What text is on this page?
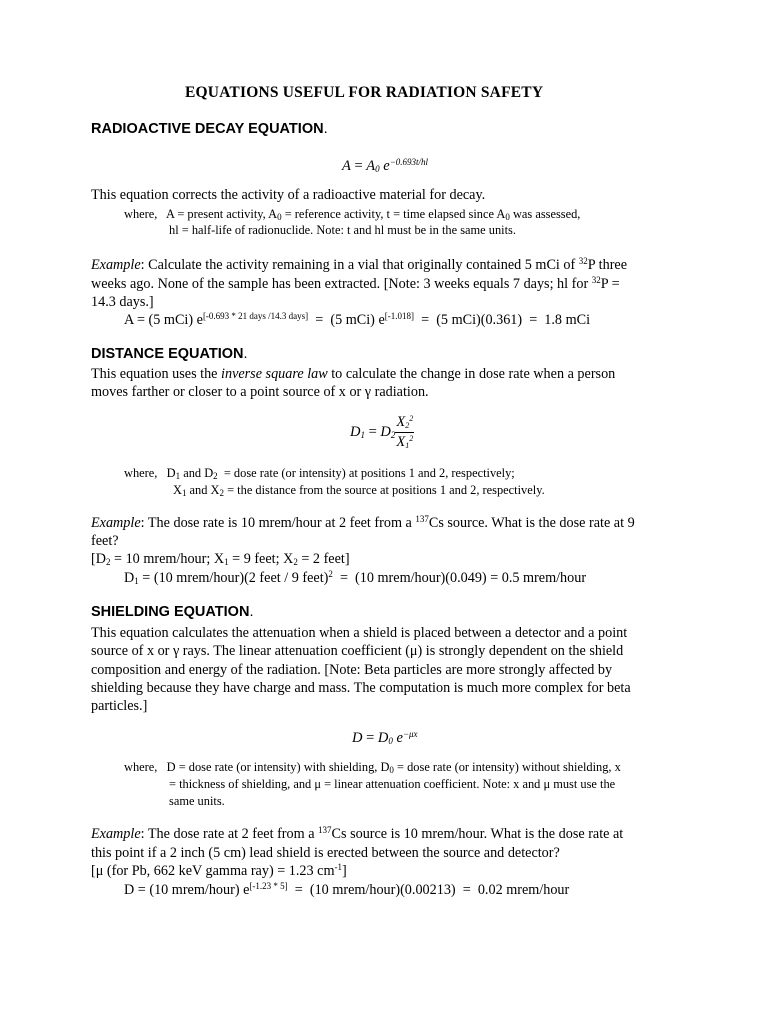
EQUATIONS USEFUL FOR RADIATION SAFETY
RADIOACTIVE DECAY EQUATION.
$A = A_0$ $e^{-0.693t/hl}$
This equation corrects the activity of a radioactive material for decay.
where,   A = present activity, $A_0$ = reference activity, t = time elapsed since $A_0$ was assessed,
hl = half-life of radionuclide. Note: t and hl must be in the same units.
Example: Calculate the activity remaining in a vial that originally contained 5 mCi of $^{32}$P three
weeks ago. None of the sample has been extracted. [Note: 3 weeks equals 7 days; hl for $^{32}$P =
14.3 days.]
A = (5 mCi) e[-0.693 * 21 days /14.3 days]  =  (5 mCi) e[-1.018]  =  (5 mCi)(0.361)  =  1.8 mCi
DISTANCE EQUATION.
This equation uses the inverse square law to calculate the change in dose rate when a person
moves farther or closer to a point source of x or γ radiation.
$D_1 = D_2 \frac{X_2^2}{X_1^2}$
where,   $D_1$ and $D_2$  = dose rate (or intensity) at positions 1 and 2, respectively;
$X_1$ and $X_2$ = the distance from the source at positions 1 and 2, respectively.
Example: The dose rate is 10 mrem/hour at 2 feet from a $^{137}$Cs source. What is the dose rate at 9
feet?
[$D_2 = 10$ mrem/hour; $X_1 = 9$ feet; $X_2 = 2$ feet]
$D_1 = (10$ mrem/hour)(2 feet / 9 feet)$^2$  =  (10 mrem/hour)(0.049) = 0.5 mrem/hour
SHIELDING EQUATION.
This equation calculates the attenuation when a shield is placed between a detector and a point
source of x or γ rays. The linear attenuation coefficient (μ) is strongly dependent on the shield
composition and energy of the radiation. [Note: Beta particles are more strongly affected by
shielding because they have charge and mass. The computation is much more complex for beta
particles.]
$D = D_0$ $e^{-\mu x}$
where,   D = dose rate (or intensity) with shielding, $D_0$ = dose rate (or intensity) without shielding, x
= thickness of shielding, and μ = linear attenuation coefficient. Note: x and μ must use the
same units.
Example: The dose rate at 2 feet from a $^{137}$Cs source is 10 mrem/hour. What is the dose rate at
this point if a 2 inch (5 cm) lead shield is erected between the source and detector?
[μ (for Pb, 662 keV gamma ray) = 1.23 $cm^{-1}$]
D = (10 mrem/hour) e[-1.23 * 5]  =  (10 mrem/hour)(0.00213)  =  0.02 mrem/hour
